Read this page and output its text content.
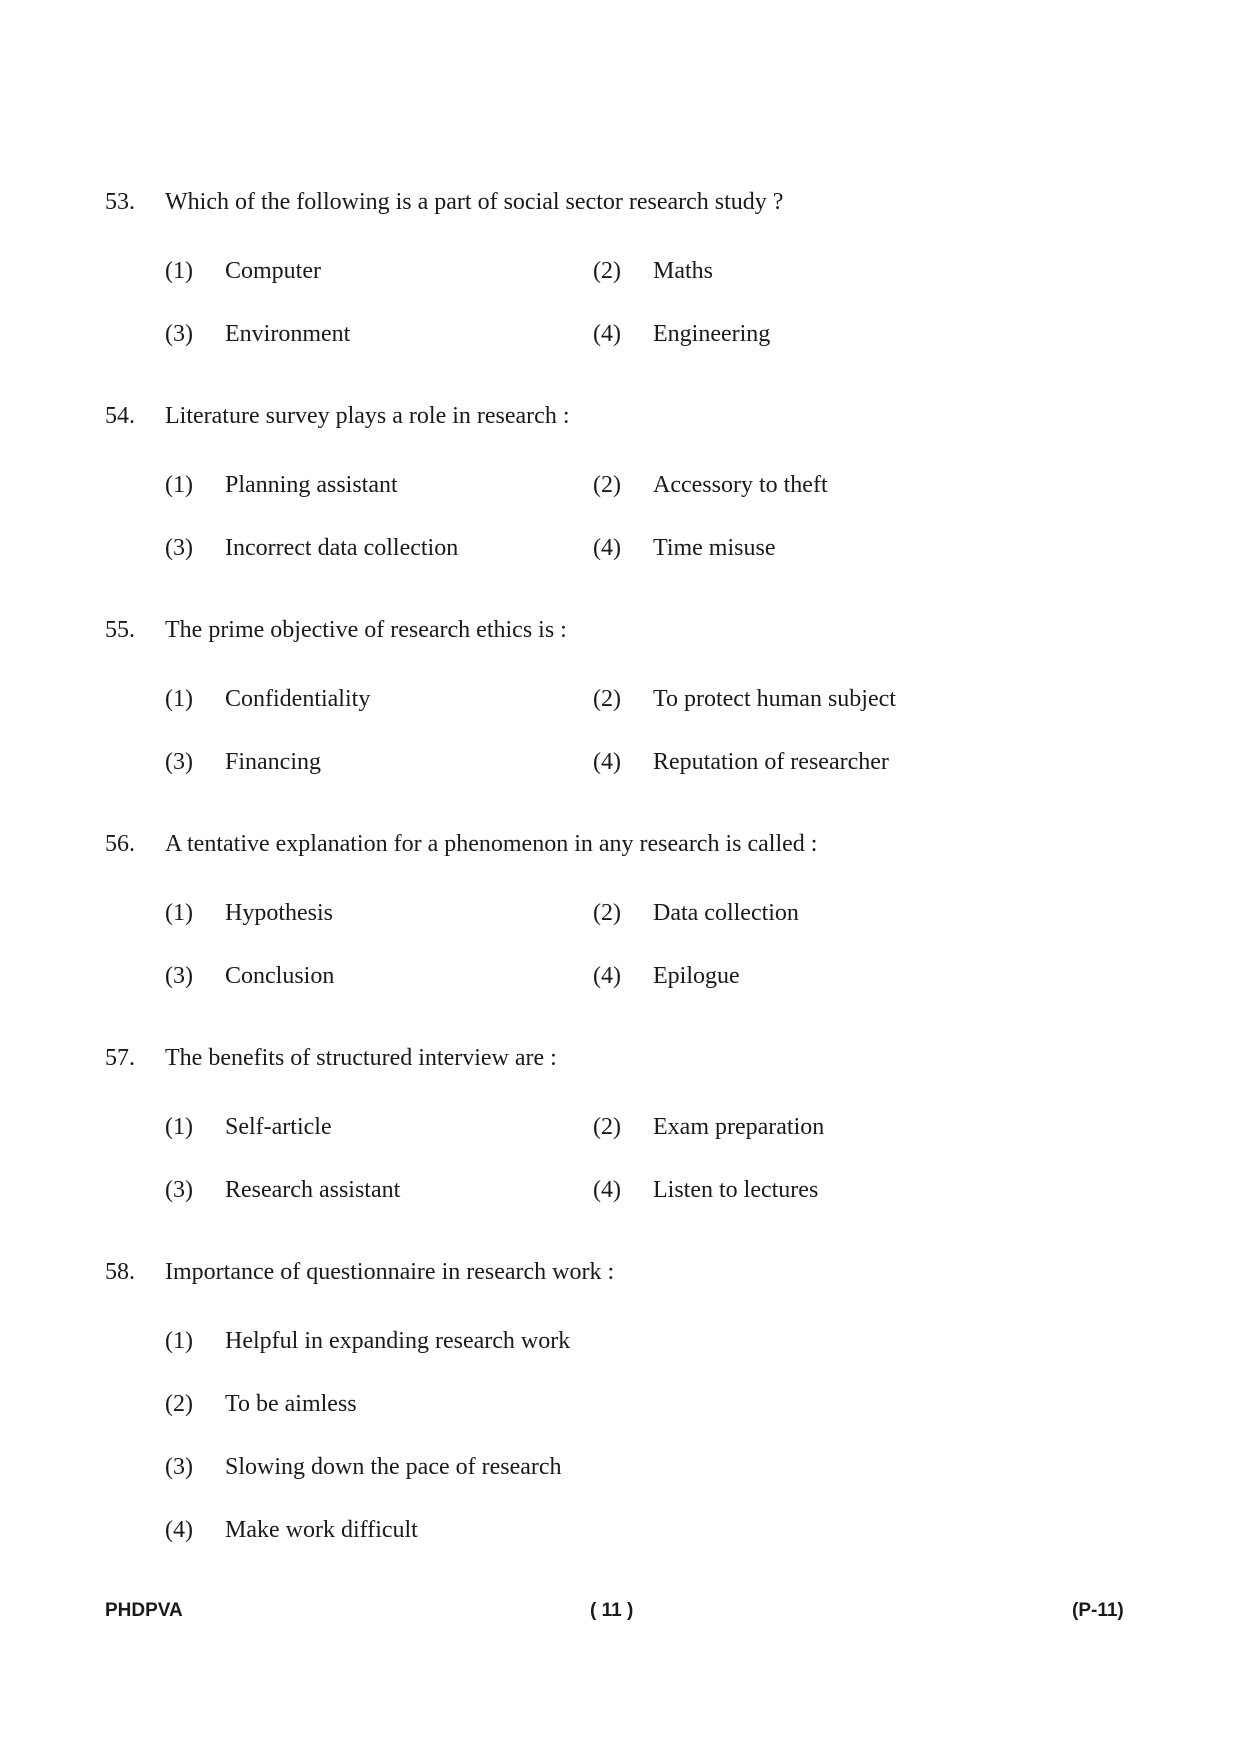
53. Which of the following is a part of social sector research study ?
(1) Computer	(2) Maths
(3) Environment	(4) Engineering
54. Literature survey plays a role in research :
(1) Planning assistant	(2) Accessory to theft
(3) Incorrect data collection	(4) Time misuse
55. The prime objective of research ethics is :
(1) Confidentiality	(2) To protect human subject
(3) Financing	(4) Reputation of researcher
56. A tentative explanation for a phenomenon in any research is called :
(1) Hypothesis	(2) Data collection
(3) Conclusion	(4) Epilogue
57. The benefits of structured interview are :
(1) Self-article	(2) Exam preparation
(3) Research assistant	(4) Listen to lectures
58. Importance of questionnaire in research work :
(1) Helpful in expanding research work
(2) To be aimless
(3) Slowing down the pace of research
(4) Make work difficult
PHDPVA	( 11 )	(P-11)
